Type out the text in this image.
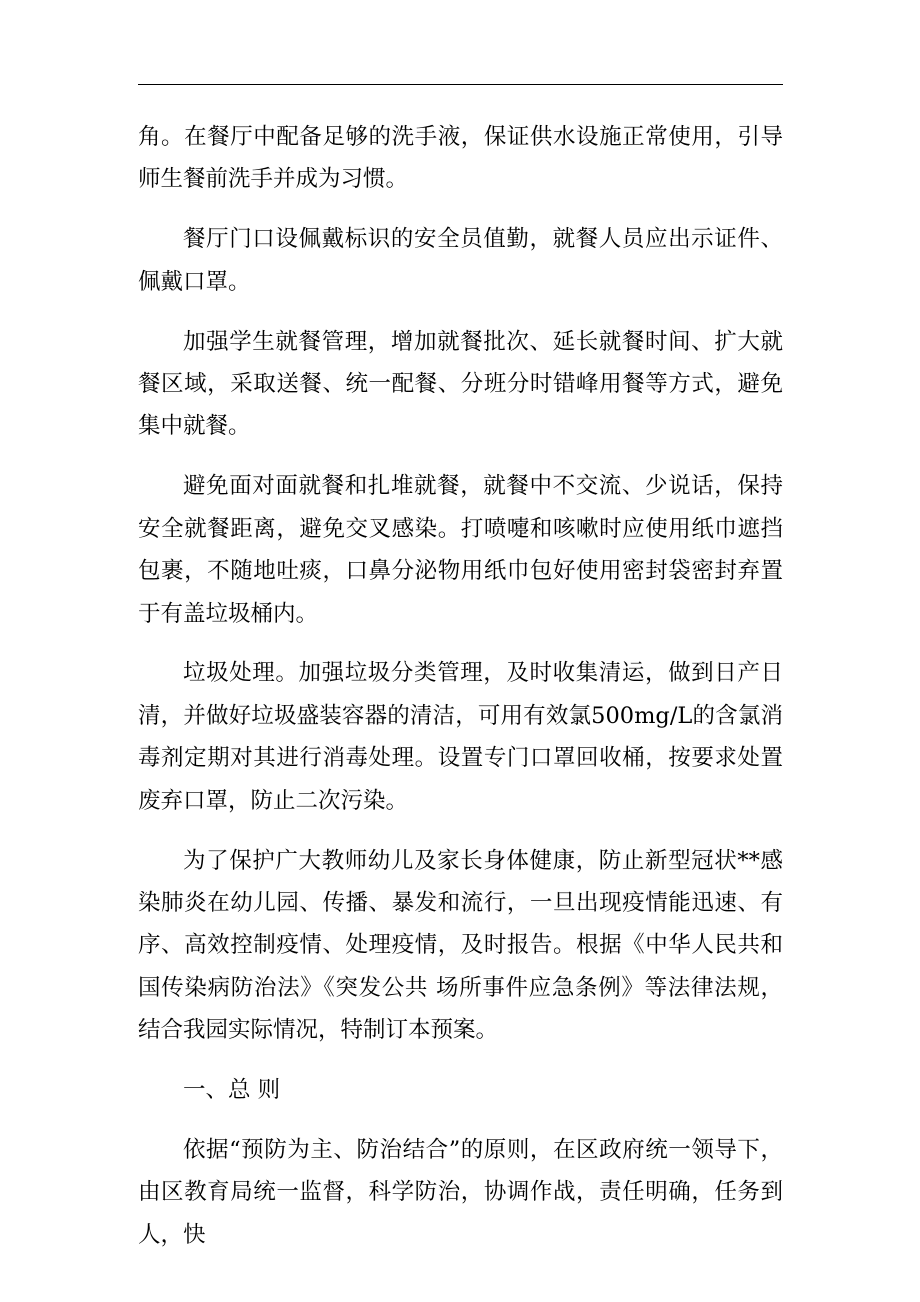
角。在餐厅中配备足够的洗手液，保证供水设施正常使用，引导师生餐前洗手并成为习惯。

餐厅门口设佩戴标识的安全员值勤，就餐人员应出示证件、佩戴口罩。

加强学生就餐管理，增加就餐批次、延长就餐时间、扩大就餐区域，采取送餐、统一配餐、分班分时错峰用餐等方式，避免集中就餐。

避免面对面就餐和扎堆就餐，就餐中不交流、少说话，保持安全就餐距离，避免交叉感染。打喷嚏和咳嗽时应使用纸巾遮挡包裹，不随地吐痰，口鼻分泌物用纸巾包好使用密封袋密封弃置于有盖垃圾桶内。

垃圾处理。加强垃圾分类管理，及时收集清运，做到日产日清，并做好垃圾盛装容器的清洁，可用有效氯500mg/L的含氯消毒剂定期对其进行消毒处理。设置专门口罩回收桶，按要求处置废弃口罩，防止二次污染。

为了保护广大教师幼儿及家长身体健康，防止新型冠状**感染肺炎在幼儿园、传播、暴发和流行，一旦出现疫情能迅速、有序、高效控制疫情、处理疫情，及时报告。根据《中华人民共和国传染病防治法》《突发公共 场所事件应急条例》等法律法规，结合我园实际情况，特制订本预案。

一、总 则

依据“预防为主、防治结合”的原则，在区政府统一领导下，由区教育局统一监督，科学防治，协调作战，责任明确，任务到人，快
